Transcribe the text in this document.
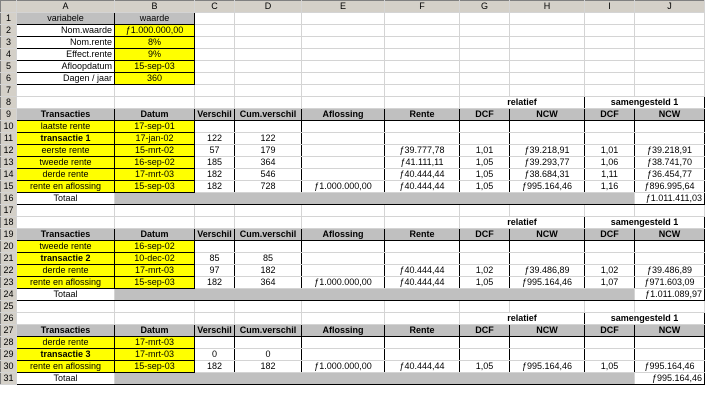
	A	B	C	D	E	F	G	H	I	J
1	variabele	waarde								
2	Nom.waarde	ƒ1.000.000,00								
3	Nom.rente	8%								
4	Effect.rente	9%								
5	Afloopdatum	15-sep-03								
6	Dagen / jaar	360								
7										
8							relatief		samengesteld 1	
9	Transacties	Datum	Verschil	Cum.verschil	Aflossing	Rente	DCF	NCW	DCF	NCW
10	laatste rente	17-sep-01								
11	transactie 1	17-jan-02	122	122						
12	eerste rente	15-mrt-02	57	179		ƒ39.777,78	1,01	ƒ39.218,91	1,01	ƒ39.218,91
13	tweede rente	16-sep-02	185	364		ƒ41.111,11	1,05	ƒ39.293,77	1,06	ƒ38.741,70
14	derde rente	17-mrt-03	182	546		ƒ40.444,44	1,05	ƒ38.684,31	1,11	ƒ36.454,77
15	rente en aflossing	15-sep-03	182	728	ƒ1.000.000,00	ƒ40.444,44	1,05	ƒ995.164,46	1,16	ƒ896.995,64
16	Totaal									ƒ1.011.411,03
17										
18							relatief		samengesteld 1	
19	Transacties	Datum	Verschil	Cum.verschil	Aflossing	Rente	DCF	NCW	DCF	NCW
20	tweede rente	16-sep-02								
21	transactie 2	10-dec-02	85	85						
22	derde rente	17-mrt-03	97	182		ƒ40.444,44	1,02	ƒ39.486,89	1,02	ƒ39.486,89
23	rente en aflossing	15-sep-03	182	364	ƒ1.000.000,00	ƒ40.444,44	1,05	ƒ995.164,46	1,07	ƒ971.603,09
24	Totaal									ƒ1.011.089,97
25										
26							relatief		samengesteld 1	
27	Transacties	Datum	Verschil	Cum.verschil	Aflossing	Rente	DCF	NCW	DCF	NCW
28	derde rente	17-mrt-03								
29	transactie 3	17-mrt-03	0	0						
30	rente en aflossing	15-sep-03	182	182	ƒ1.000.000,00	ƒ40.444,44	1,05	ƒ995.164,46	1,05	ƒ995.164,46
31	Totaal									ƒ995.164,46
